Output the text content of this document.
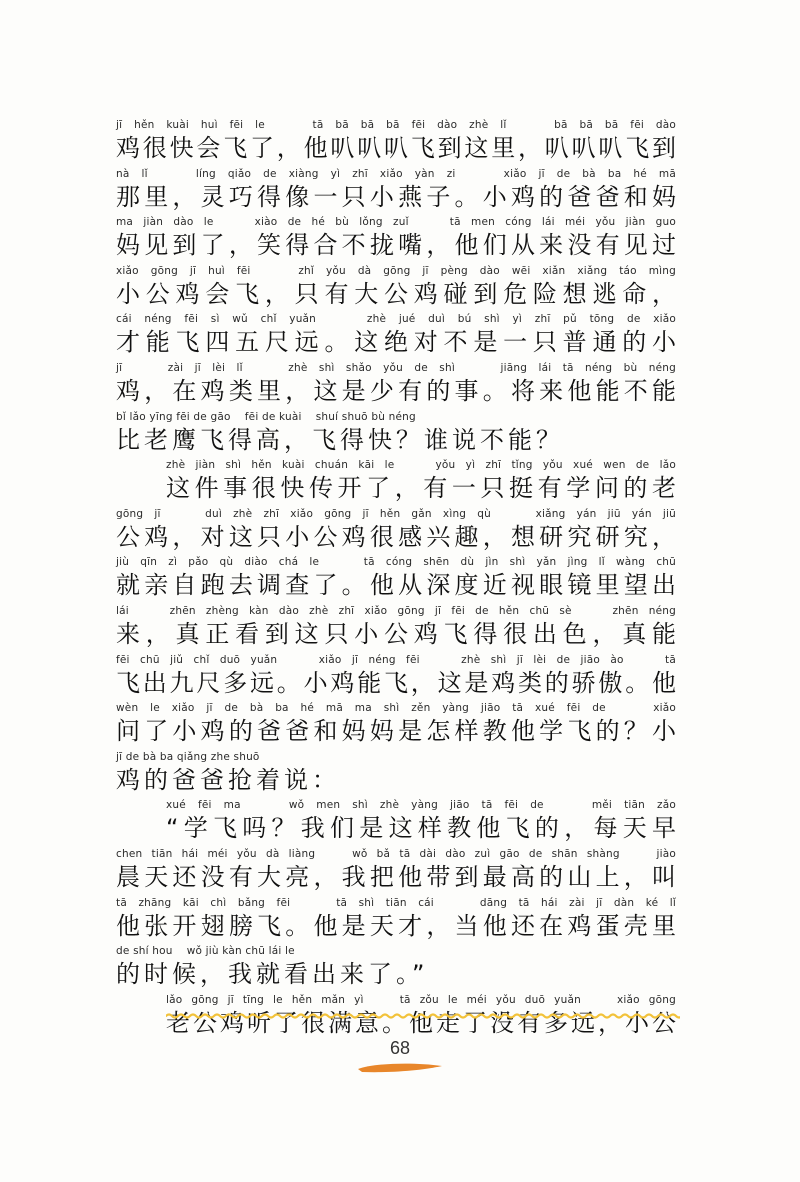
jī hěn kuài huì fēi le    tā bā bā bā fēi dào zhè lǐ    bā bā bā fēi dào
鸡很快会飞了，他叭叭叭飞到这里，叭叭叭飞到
nà lǐ    líng qiǎo de xiàng yì zhī xiǎo yàn zi    xiǎo jī de bà ba hé mā
那里，灵巧得像一只小燕子。小鸡的爸爸和妈
ma jiàn dào le    xiào de hé bù lǒng zuǐ    tā men cóng lái méi yǒu jiàn guo
妈见到了，笑得合不拢嘴，他们从来没有见过
xiǎo gōng jī huì fēi    zhǐ yǒu dà gōng jī pèng dào wēi xiǎn xiǎng táo mìng
小公鸡会飞，只有大公鸡碰到危险想逃命，
cái néng fēi sì wǔ chǐ yuǎn    zhè jué duì bú shì yì zhī pǔ tōng de xiǎo
才能飞四五尺远。这绝对不是一只普通的小
jī    zài jī lèi lǐ    zhè shì shǎo yǒu de shì    jiāng lái tā néng bù néng
鸡，在鸡类里，这是少有的事。将来他能不能
bǐ lǎo yīng fēi de gāo    fēi de kuài    shuí shuō bù néng
比老鹰飞得高，飞得快？谁说不能？
zhè jiàn shì hěn kuài chuán kāi le    yǒu yì zhī tǐng yǒu xué wen de lǎo
这件事很快传开了，有一只挺有学问的老
gōng jī    duì zhè zhī xiǎo gōng jī hěn gǎn xìng qù    xiǎng yán jiū yán jiū
公鸡，对这只小公鸡很感兴趣，想研究研究，
jiù qīn zì pǎo qù diào chá le    tā cóng shēn dù jìn shì yǎn jìng lǐ wàng chū
就亲自跑去调查了。他从深度近视眼镜里望出
lái    zhēn zhèng kàn dào zhè zhī xiǎo gōng jī fēi de hěn chū sè    zhēn néng
来，真正看到这只小公鸡飞得很出色，真能
fēi chū jiǔ chǐ duō yuǎn    xiǎo jī néng fēi    zhè shì jī lèi de jiāo ào    tā
飞出九尺多远。小鸡能飞，这是鸡类的骄傲。他
wèn le xiǎo jī de bà ba hé mā ma shì zěn yàng jiāo tā xué fēi de    xiǎo
问了小鸡的爸爸和妈妈是怎样教他学飞的？小
jī de bà ba qiǎng zhe shuō
鸡的爸爸抢着说：
xué fēi ma    wǒ men shì zhè yàng jiāo tā fēi de    měi tiān zǎo
“学飞吗？我们是这样教他飞的，每天早
chen tiān hái méi yǒu dà liàng    wǒ bǎ tā dài dào zuì gāo de shān shàng    jiào
晨天还没有大亮，我把他带到最高的山上，叫
tā zhāng kāi chì bǎng fēi    tā shì tiān cái    dāng tā hái zài jī dàn ké lǐ
他张开翅膀飞。他是天才，当他还在鸡蛋壳里
de shí hou    wǒ jiù kàn chū lái le
的时候，我就看出来了。”
lǎo gōng jī tīng le hěn mǎn yì    tā zǒu le méi yǒu duō yuǎn    xiǎo gōng
老公鸡听了很满意。他走了没有多远，小公
68
